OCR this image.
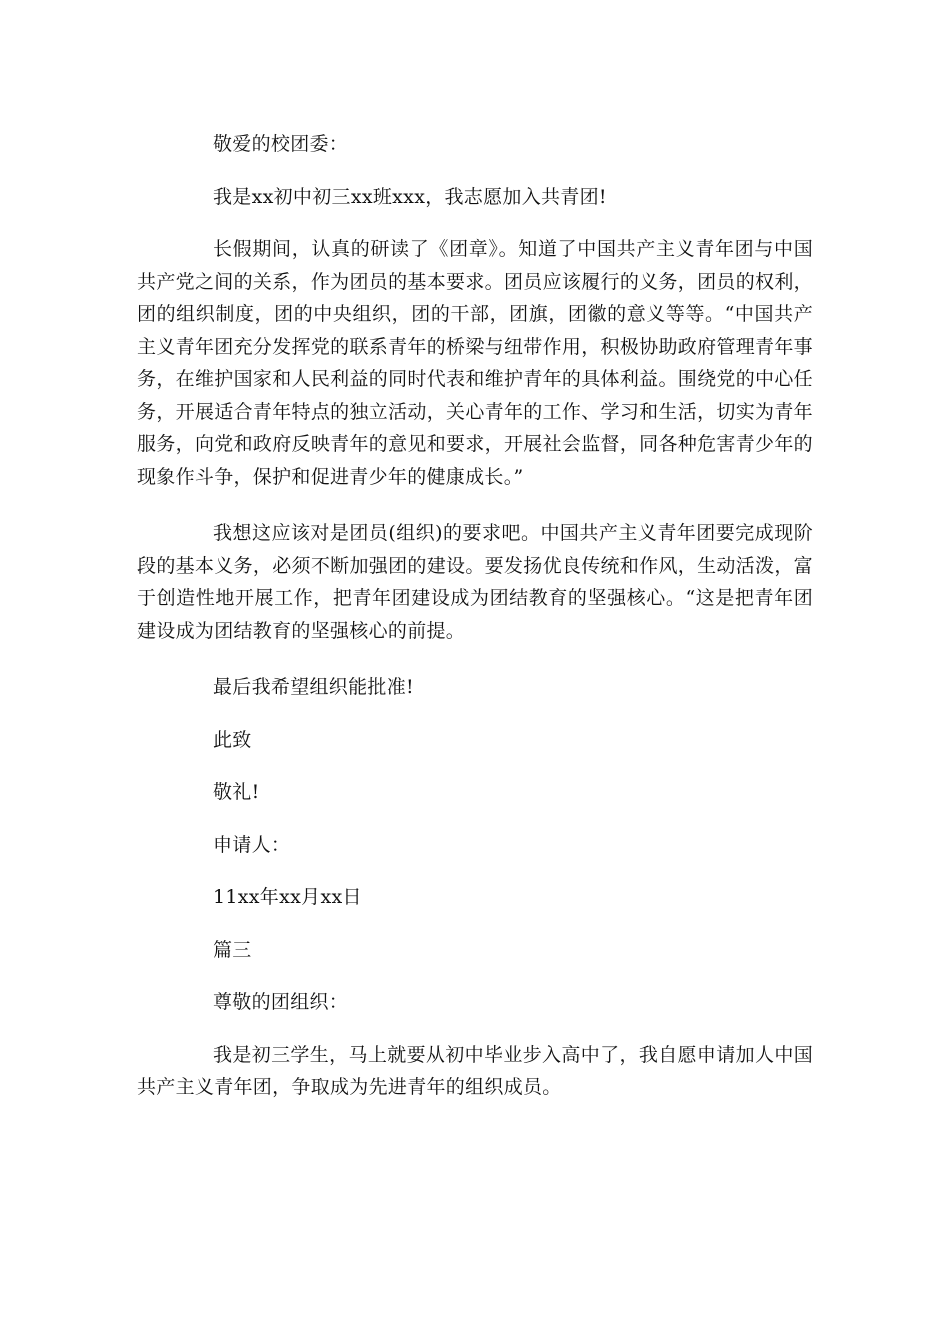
敬爱的校团委：

我是xx初中初三xx班xxx，我志愿加入共青团!

长假期间，认真的研读了《团章》。知道了中国共产主义青年团与中国共产党之间的关系，作为团员的基本要求。团员应该履行的义务，团员的权利，团的组织制度，团的中央组织，团的干部，团旗，团徽的意义等等。“中国共产主义青年团充分发挥党的联系青年的桥梁与纽带作用，积极协助政府管理青年事务，在维护国家和人民利益的同时代表和维护青年的具体利益。围绕党的中心任务，开展适合青年特点的独立活动，关心青年的工作、学习和生活，切实为青年服务，向党和政府反映青年的意见和要求，开展社会监督，同各种危害青少年的现象作斗争，保护和促进青少年的健康成长。”

我想这应该对是团员(组织)的要求吧。中国共产主义青年团要完成现阶段的基本义务，必须不断加强团的建设。要发扬优良传统和作风，生动活泼，富于创造性地开展工作，把青年团建设成为团结教育的坚强核心。“这是把青年团建设成为团结教育的坚强核心的前提。

最后我希望组织能批准!

此致

敬礼!

申请人：

11xx年xx月xx日

篇三

尊敬的团组织：

我是初三学生，马上就要从初中毕业步入高中了，我自愿申请加人中国共产主义青年团，争取成为先进青年的组织成员。
